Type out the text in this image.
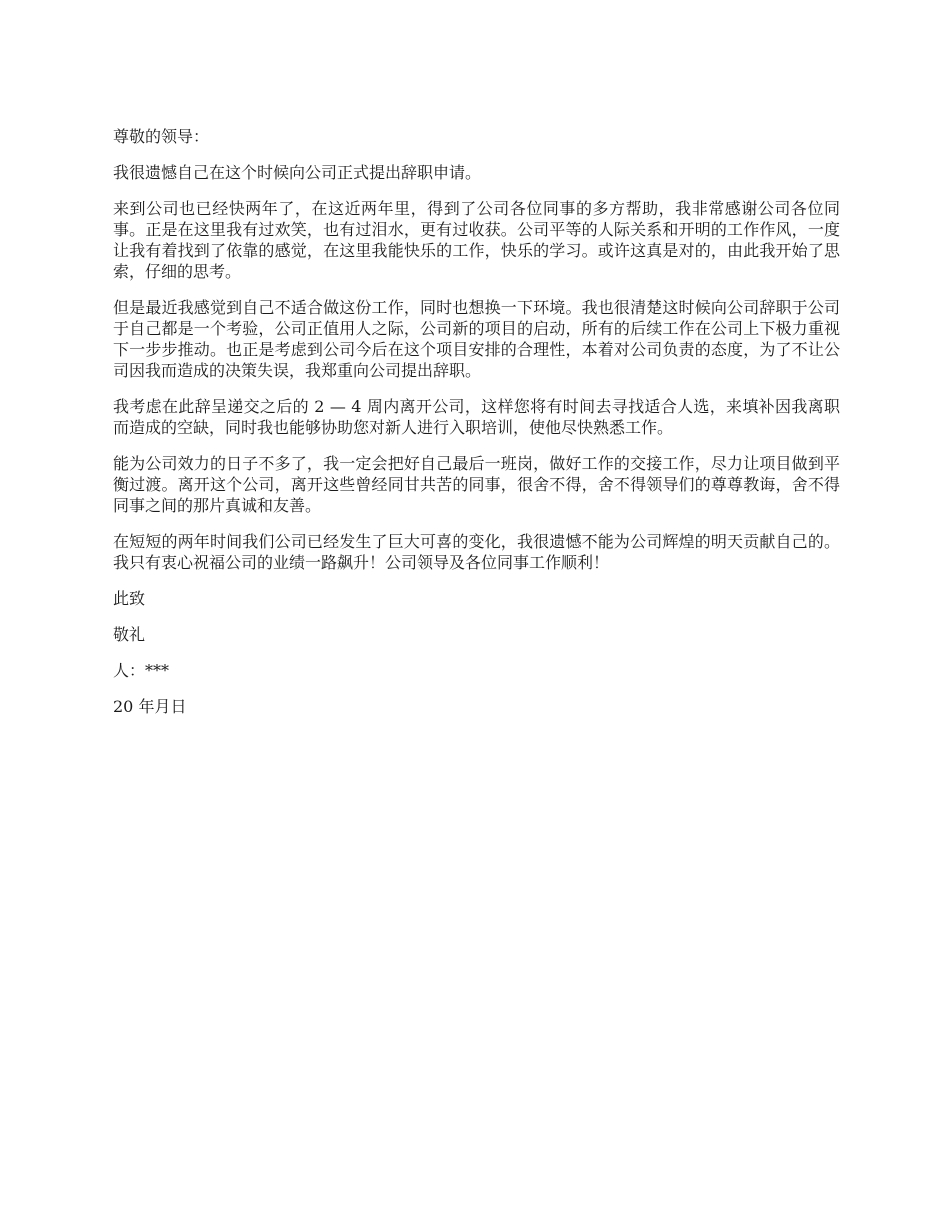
尊敬的领导：

我很遗憾自己在这个时候向公司正式提出辞职申请。

来到公司也已经快两年了，在这近两年里，得到了公司各位同事的多方帮助，我非常感谢公司各位同事。正是在这里我有过欢笑，也有过泪水，更有过收获。公司平等的人际关系和开明的工作作风，一度让我有着找到了依靠的感觉，在这里我能快乐的工作，快乐的学习。或许这真是对的，由此我开始了思索，仔细的思考。

但是最近我感觉到自己不适合做这份工作，同时也想换一下环境。我也很清楚这时候向公司辞职于公司于自己都是一个考验，公司正值用人之际，公司新的项目的启动，所有的后续工作在公司上下极力重视下一步步推动。也正是考虑到公司今后在这个项目安排的合理性，本着对公司负责的态度，为了不让公司因我而造成的决策失误，我郑重向公司提出辞职。

我考虑在此辞呈递交之后的 2 — 4 周内离开公司，这样您将有时间去寻找适合人选，来填补因我离职而造成的空缺，同时我也能够协助您对新人进行入职培训，使他尽快熟悉工作。

能为公司效力的日子不多了，我一定会把好自己最后一班岗，做好工作的交接工作，尽力让项目做到平衡过渡。离开这个公司，离开这些曾经同甘共苦的同事，很舍不得，舍不得领导们的尊尊教诲，舍不得同事之间的那片真诚和友善。

在短短的两年时间我们公司已经发生了巨大可喜的变化，我很遗憾不能为公司辉煌的明天贡献自己的。我只有衷心祝福公司的业绩一路飙升！公司领导及各位同事工作顺利！

此致

敬礼

人：***

20 年月日
